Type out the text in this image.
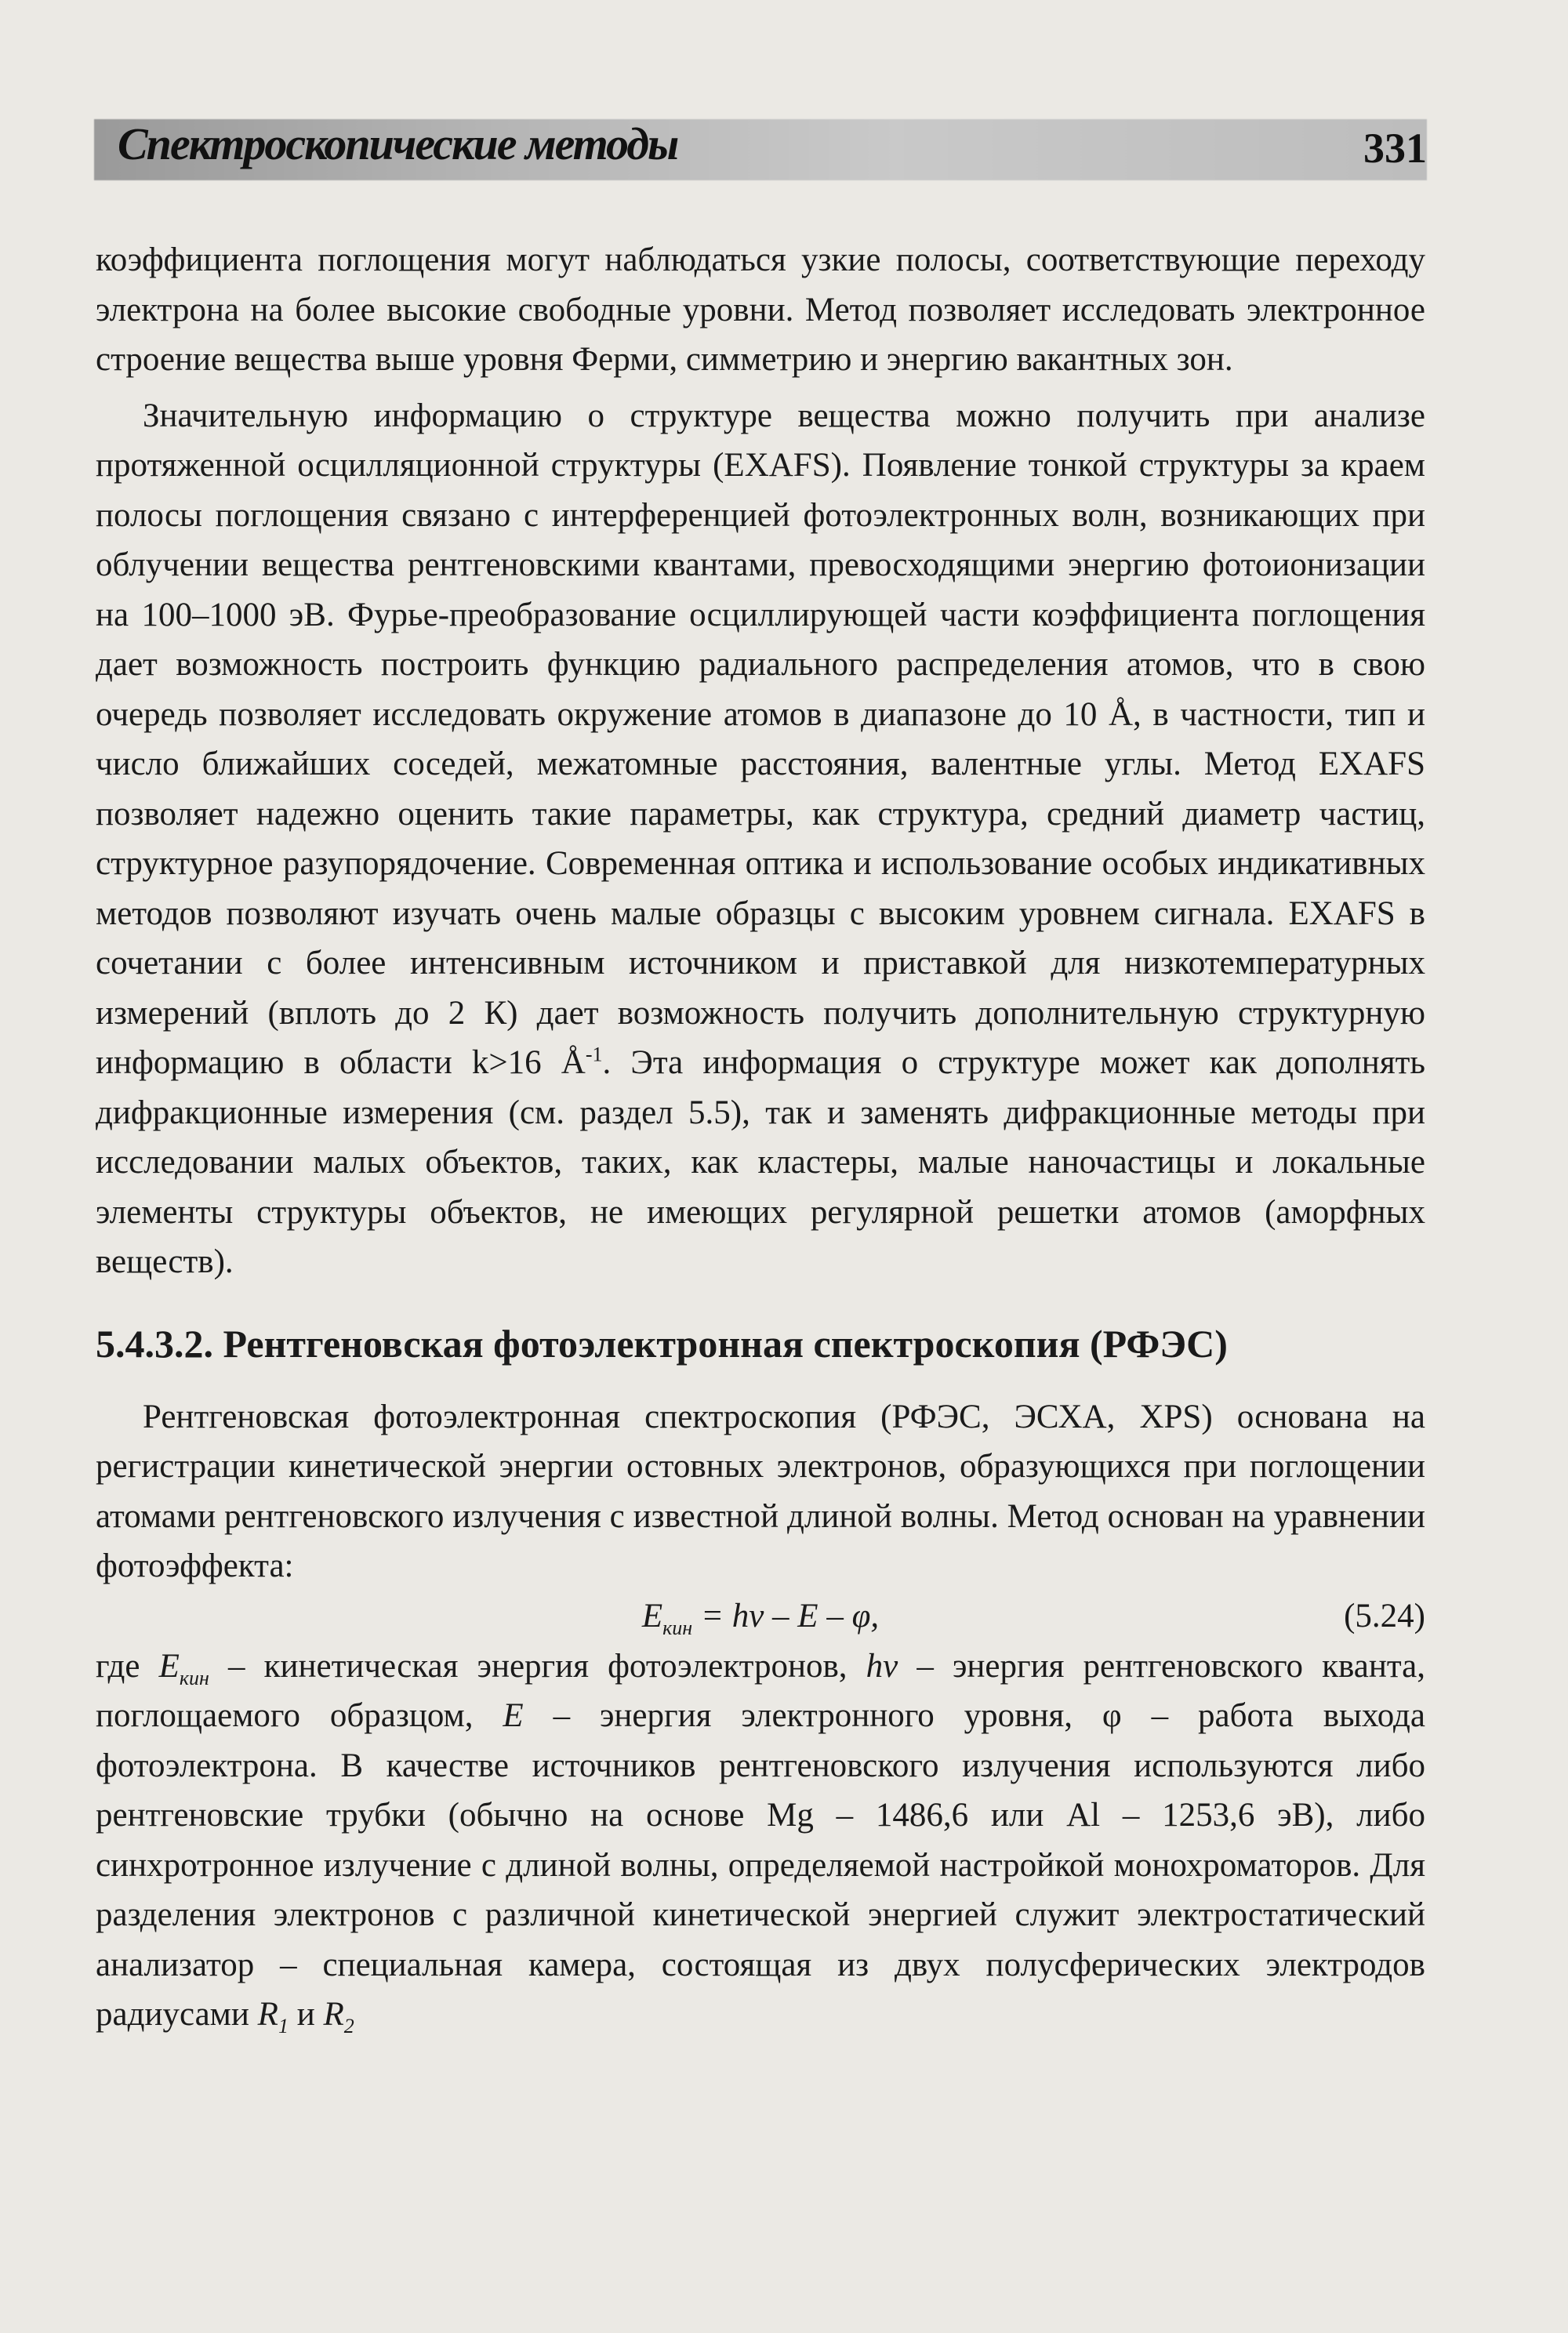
Спектроскопические методы	331

коэффициента поглощения могут наблюдаться узкие полосы, соответствующие переходу электрона на более высокие свободные уровни. Метод позволяет исследовать электронное строение вещества выше уровня Ферми, симметрию и энергию вакантных зон.

Значительную информацию о структуре вещества можно получить при анализе протяженной осцилляционной структуры (EXAFS). Появление тонкой структуры за краем полосы поглощения связано с интерференцией фотоэлектронных волн, возникающих при облучении вещества рентгеновскими квантами, превосходящими энергию фотоионизации на 100–1000 эВ. Фурье-преобразование осциллирующей части коэффициента поглощения дает возможность построить функцию радиального распределения атомов, что в свою очередь позволяет исследовать окружение атомов в диапазоне до 10 Å, в частности, тип и число ближайших соседей, межатомные расстояния, валентные углы. Метод EXAFS позволяет надежно оценить такие параметры, как структура, средний диаметр частиц, структурное разупорядочение. Современная оптика и использование особых индикативных методов позволяют изучать очень малые образцы с высоким уровнем сигнала. EXAFS в сочетании с более интенсивным источником и приставкой для низкотемпературных измерений (вплоть до 2 К) дает возможность получить дополнительную структурную информацию в области k>16 $Å^{-1}$. Эта информация о структуре может как дополнять дифракционные измерения (см. раздел 5.5), так и заменять дифракционные методы при исследовании малых объектов, таких, как кластеры, малые наночастицы и локальные элементы структуры объектов, не имеющих регулярной решетки атомов (аморфных веществ).

5.4.3.2. Рентгеновская фотоэлектронная спектроскопия (РФЭС)

Рентгеновская фотоэлектронная спектроскопия (РФЭС, ЭСХА, XPS) основана на регистрации кинетической энергии остовных электронов, образующихся при поглощении атомами рентгеновского излучения с известной длиной волны. Метод основан на уравнении фотоэффекта:

$E_{кин} = h\nu - E - \varphi$,	(5.24)

где $E_{кин}$ – кинетическая энергия фотоэлектронов, hν – энергия рентгеновского кванта, поглощаемого образцом, E – энергия электронного уровня, φ – работа выхода фотоэлектрона. В качестве источников рентгеновского излучения используются либо рентгеновские трубки (обычно на основе Mg – 1486,6 или Al – 1253,6 эВ), либо синхротронное излучение с длиной волны, определяемой настройкой монохроматоров. Для разделения электронов с различной кинетической энергией служит электростатический анализатор – специальная камера, состоящая из двух полусферических электродов радиусами $R_1$ и $R_2$
